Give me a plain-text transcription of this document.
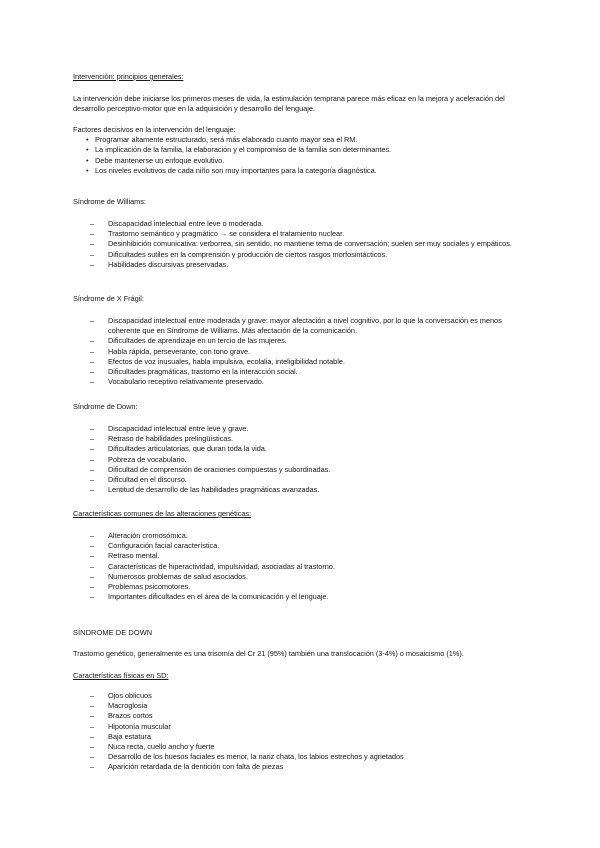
Intervención: principios generales:

La intervención debe iniciarse los primeros meses de vida, la estimulación temprana parece más eficaz en la mejora y aceleración del desarrollo perceptivo-motor que en la adquisición y desarrollo del lenguaje.

Factores decisivos en la intervención del lenguaje:

• Programar altamente estructurado, será más elaborado cuanto mayor sea el RM.
• La implicación de la familia, la elaboración y el compromiso de la familia son determinantes.
• Debe mantenerse un enfoque evolutivo.
• Los niveles evolutivos de cada niño son muy importantes para la categoría diagnóstica.

Síndrome de Williams:

– Discapacidad intelectual entre leve o moderada.
– Trastorno semántico y pragmático → se considera el tratamiento nuclear.
– Desinhibición comunicativa: verborrea, sin sentido, no mantiene tema de conversación; suelen ser muy sociales y empáticos.
– Dificultades sutiles en la comprensión y producción de ciertos rasgos morfosintácticos.
– Habilidades discursivas preservadas.

Síndrome de X Frágil:

– Discapacidad intelectual entre moderada y grave: mayor afectación a nivel cognitivo, por lo que la conversación es menos coherente que en Síndrome de Williams. Más afectación de la comunicación.
– Dificultades de aprendizaje en un tercio de las mujeres.
– Habla rápida, perseverante, con tono grave.
– Efectos de voz inusuales, habla impulsiva, ecolalia, inteligibilidad notable.
– Dificultades pragmáticas, trastorno en la interacción social.
– Vocabulario receptivo relativamente preservado.

Síndrome de Down:

– Discapacidad intelectual entre leve y grave.
– Retraso de habilidades prelingüísticas.
– Dificultades articulatorias, que duran toda la vida.
– Pobreza de vocabulario.
– Dificultad de comprensión de oraciones compuestas y subordinadas.
– Dificultad en el discurso.
– Lentitud de desarrollo de las habilidades pragmáticas avanzadas.

Características comunes de las alteraciones genéticas:

– Alteración cromosómica.
– Configuración facial característica.
– Retraso mental.
– Características de hiperactividad, impulsividad, asociadas al trastorno.
– Numerosos problemas de salud asociados.
– Problemas psicomotores.
– Importantes dificultades en el área de la comunicación y el lenguaje.

SÍNDROME DE DOWN

Trastorno genético, generalmente es una trisomía del Cr 21 (95%) también una translocación (3-4%) o mosaicismo (1%).

Características físicas en SD:

– Ojos oblicuos
– Macroglosia
– Brazos cortos
– Hipotonía muscular
– Baja estatura
– Nuca recta, cuello ancho y fuerte
– Desarrollo de los huesos faciales es menor, la nariz chata, los labios estrechos y agrietados
– Aparición retardada de la dentición con falta de piezas
